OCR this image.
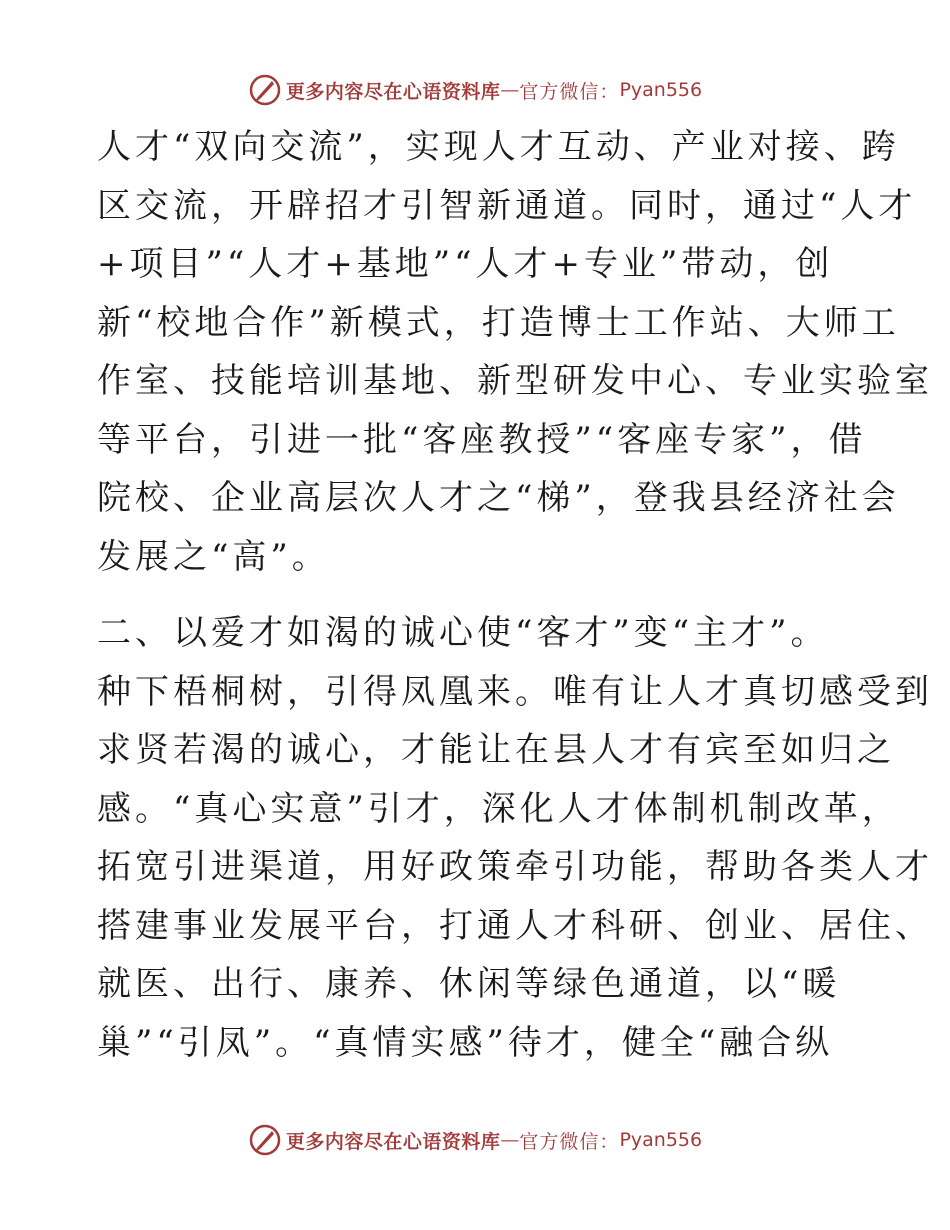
更多内容尽在心语资料库 — 官方微信： Pyan556
人才“双向交流”，实现人才互动、产业对接、跨
区交流，开辟招才引智新通道。同时，通过“人才
+项目”“人才+基地”“人才+专业”带动，创
新“校地合作”新模式，打造博士工作站、大师工
作室、技能培训基地、新型研发中心、专业实验室
等平台，引进一批“客座教授”“客座专家”，借
院校、企业高层次人才之“梯”，登我县经济社会
发展之“高”。
二、以爱才如渴的诚心使“客才”变“主才”。
种下梧桐树，引得凤凰来。唯有让人才真切感受到
求贤若渴的诚心，才能让在县人才有宾至如归之
感。“真心实意”引才，深化人才体制机制改革，
拓宽引进渠道，用好政策牵引功能，帮助各类人才
搭建事业发展平台，打通人才科研、创业、居住、
就医、出行、康养、休闲等绿色通道，以“暖
巢”“引凤”。“真情实感”待才，健全“融合纵
更多内容尽在心语资料库 — 官方微信： Pyan556
